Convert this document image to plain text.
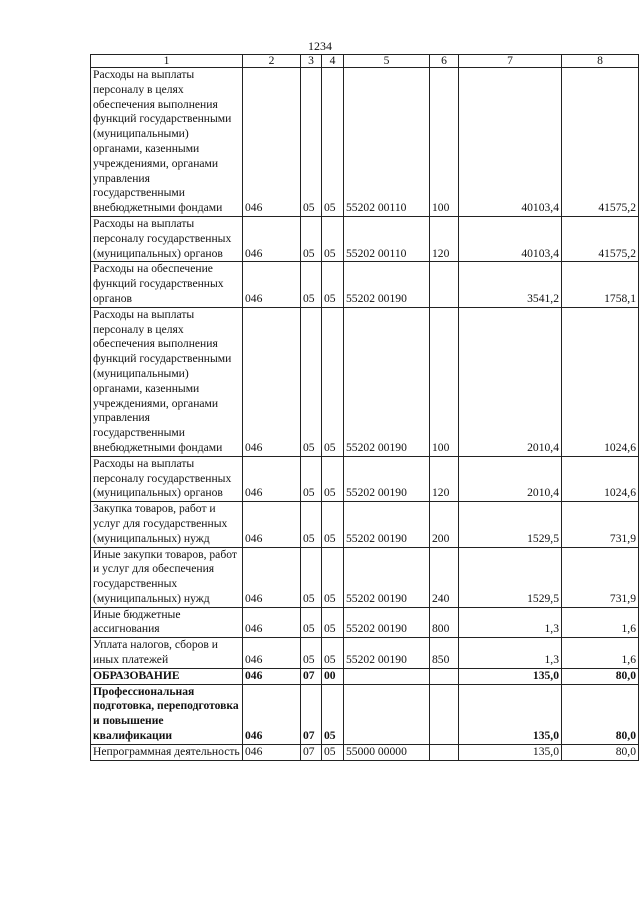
1234
1	2	3	4	5	6	7	8
Расходы на выплаты персоналу в целях обеспечения выполнения функций государственными (муниципальными) органами, казенными учреждениями, органами управления государственными внебюджетными фондами	046	05	05	55202 00110	100	40103,4	41575,2
Расходы на выплаты персоналу государственных (муниципальных) органов	046	05	05	55202 00110	120	40103,4	41575,2
Расходы на обеспечение функций государственных органов	046	05	05	55202 00190		3541,2	1758,1
Расходы на выплаты персоналу в целях обеспечения выполнения функций государственными (муниципальными) органами, казенными учреждениями, органами управления государственными внебюджетными фондами	046	05	05	55202 00190	100	2010,4	1024,6
Расходы на выплаты персоналу государственных (муниципальных) органов	046	05	05	55202 00190	120	2010,4	1024,6
Закупка товаров, работ и услуг для государственных (муниципальных) нужд	046	05	05	55202 00190	200	1529,5	731,9
Иные закупки товаров, работ и услуг для обеспечения государственных (муниципальных) нужд	046	05	05	55202 00190	240	1529,5	731,9
Иные бюджетные ассигнования	046	05	05	55202 00190	800	1,3	1,6
Уплата налогов, сборов и иных платежей	046	05	05	55202 00190	850	1,3	1,6
ОБРАЗОВАНИЕ	046	07	00			135,0	80,0
Профессиональная подготовка, переподготовка и повышение квалификации	046	07	05			135,0	80,0
Непрограммная деятельность	046	07	05	55000 00000		135,0	80,0
